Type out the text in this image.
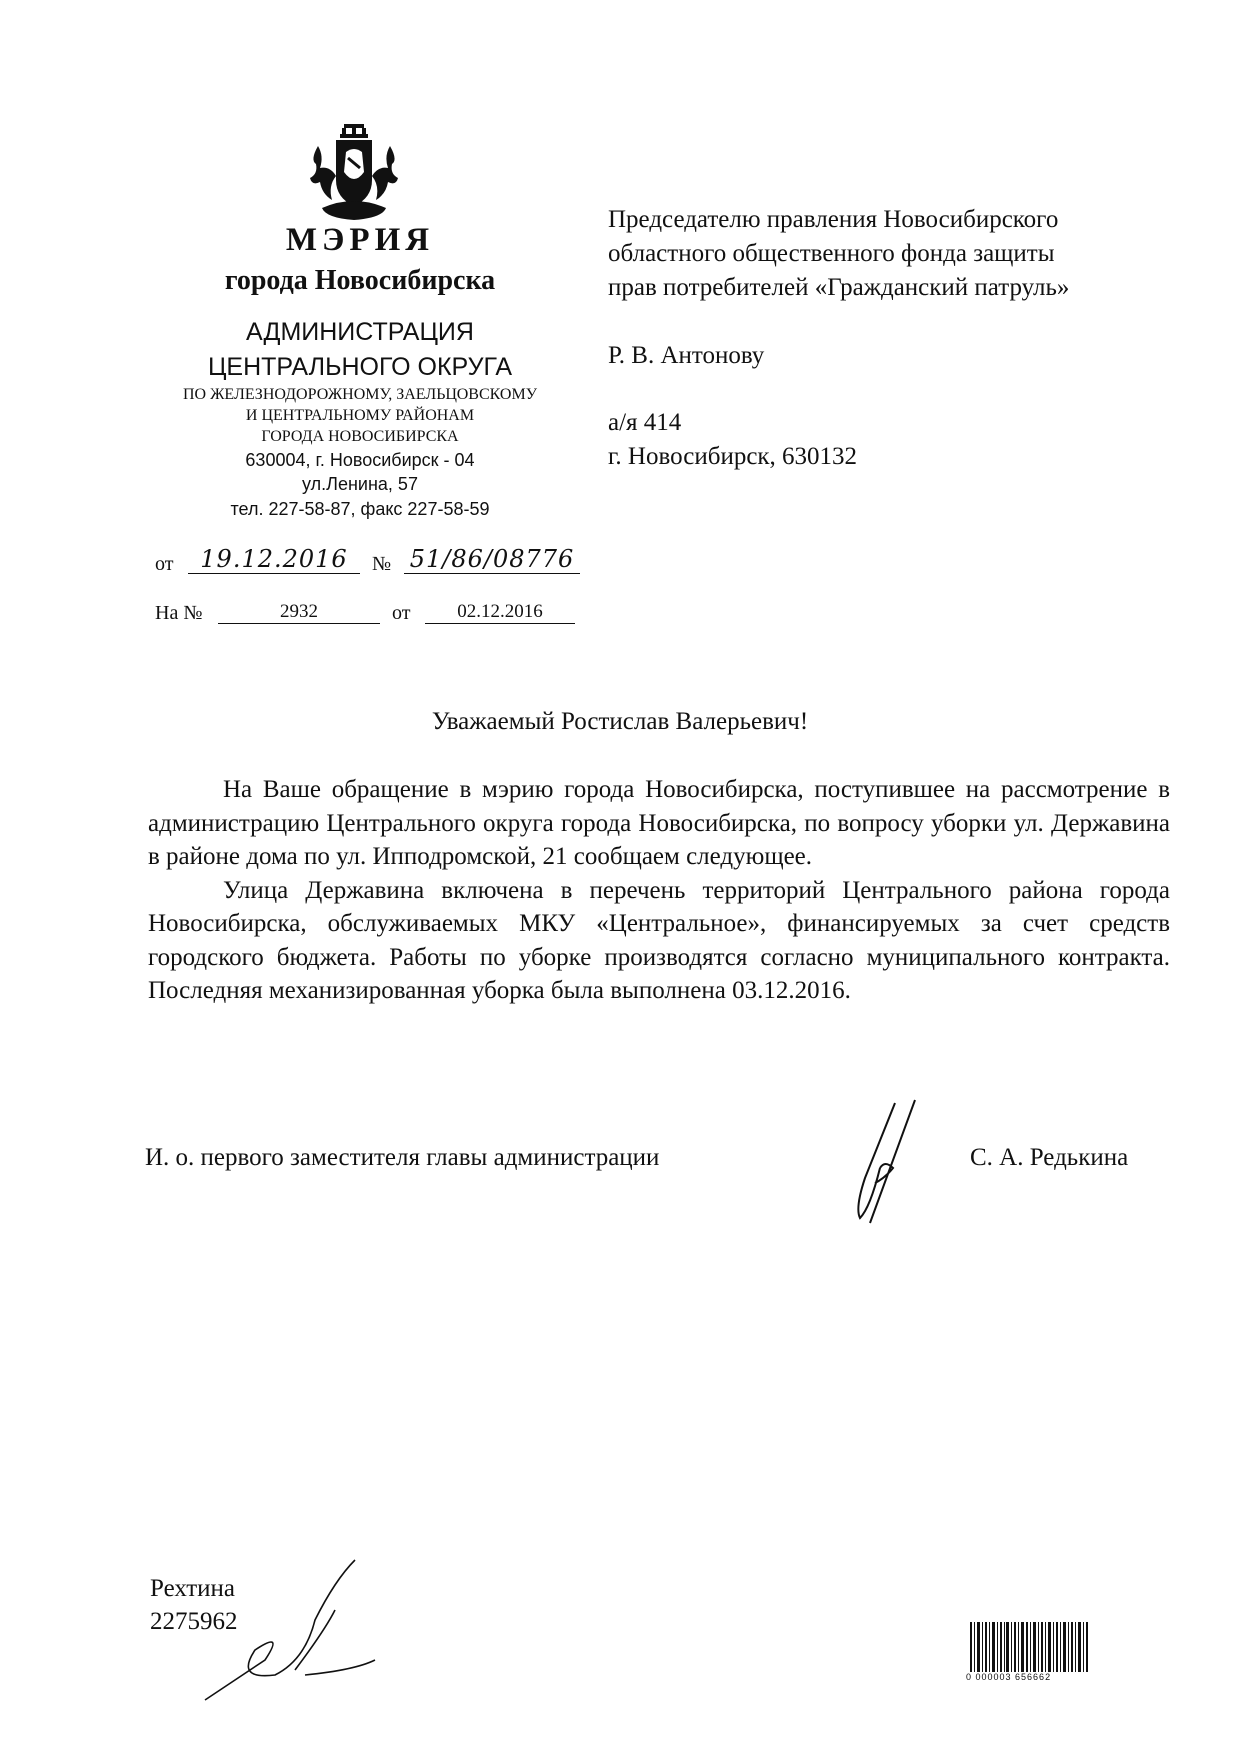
МЭРИЯ
города Новосибирска
АДМИНИСТРАЦИЯ
ЦЕНТРАЛЬНОГО ОКРУГА
ПО ЖЕЛЕЗНОДОРОЖНОМУ, ЗАЕЛЬЦОВСКОМУ
И ЦЕНТРАЛЬНОМУ РАЙОНАМ
ГОРОДА НОВОСИБИРСКА
630004, г. Новосибирск - 04
ул.Ленина, 57
тел. 227-58-87, факс 227-58-59
от	19.12.2016	№ 51/86/08776
На №	2932	от	02.12.2016
Председателю правления Новосибирского
областного общественного фонда защиты
прав потребителей «Гражданский патруль»
Р. В. Антонову
а/я 414
г. Новосибирск, 630132
Уважаемый Ростислав Валерьевич!

На Ваше обращение в мэрию города Новосибирска, поступившее на рассмотрение в администрацию Центрального округа города Новосибирска, по вопросу уборки ул. Державина в районе дома по ул. Ипподромской, 21 сообщаем следующее.

Улица Державина включена в перечень территорий Центрального района города Новосибирска, обслуживаемых МКУ «Центральное», финансируемых за счет средств городского бюджета. Работы по уборке производятся согласно муниципального контракта. Последняя механизированная уборка была выполнена 03.12.2016.

И. о. первого заместителя главы администрации	С. А. Редькина
Рехтина
2275962
0 000003 656662
